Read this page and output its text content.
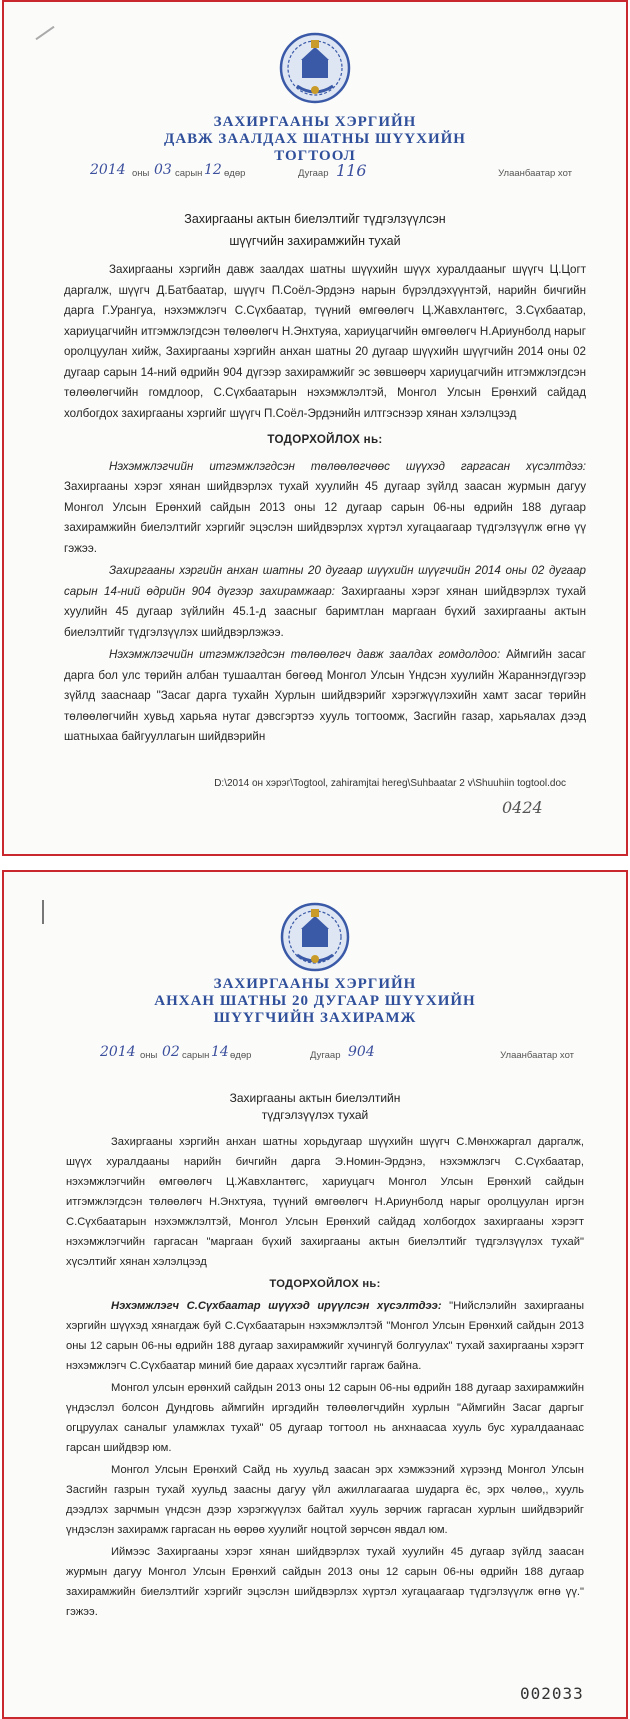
ЗАХИРГААНЫ ХЭРГИЙН
ДАВЖ ЗААЛДАХ ШАТНЫ ШҮҮХИЙН
ТОГТООЛ
2014 оны 03 сарын 12 өдөр	Дугаар 116	Улаанбаатар хот
Захиргааны актын биелэлтийг түдгэлзүүлсэн
шүүгчийн захирамжийн тухай

Захиргааны хэргийн давж заалдах шатны шүүхийн шүүх хуралдааныг шүүгч Ц.Цогт даргалж, шүүгч Д.Батбаатар, шүүгч П.Соёл-Эрдэнэ нарын бүрэлдэхүүнтэй, нарийн бичгийн дарга Г.Урангуа, нэхэмжлэгч С.Сүхбаатар, түүний өмгөөлөгч Ц.Жавхлантөгс, З.Сүхбаатар, хариуцагчийн итгэмжлэгдсэн төлөөлөгч Н.Энхтуяа, хариуцагчийн өмгөөлөгч Н.Ариунболд нарыг оролцуулан хийж, Захиргааны хэргийн анхан шатны 20 дугаар шүүхийн шүүгчийн 2014 оны 02 дугаар сарын 14-ний өдрийн 904 дүгээр захирамжийг эс зөвшөөрч хариуцагчийн итгэмжлэгдсэн төлөөлөгчийн гомдлоор, С.Сүхбаатарын нэхэмжлэлтэй, Монгол Улсын Ерөнхий сайдад холбогдох захиргааны хэргийг шүүгч П.Соёл-Эрдэнийн илтгэснээр хянан хэлэлцээд

ТОДОРХОЙЛОХ нь:

Нэхэмжлэгчийн итгэмжлэгдсэн төлөөлөгчөөс шүүхэд гаргасан хүсэлтдээ: Захиргааны хэрэг хянан шийдвэрлэх тухай хуулийн 45 дугаар зүйлд заасан журмын дагуу Монгол Улсын Ерөнхий сайдын 2013 оны 12 дугаар сарын 06-ны өдрийн 188 дугаар захирамжийн биелэлтийг хэргийг эцэслэн шийдвэрлэх хүртэл хугацаагаар түдгэлзүүлж өгнө үү гэжээ.

Захиргааны хэргийн анхан шатны 20 дугаар шүүхийн шүүгчийн 2014 оны 02 дугаар сарын 14-ний өдрийн 904 дүгээр захирамжаар: Захиргааны хэрэг хянан шийдвэрлэх тухай хуулийн 45 дугаар зүйлийн 45.1-д заасныг баримтлан маргаан бүхий захиргааны актын биелэлтийг түдгэлзүүлэх шийдвэрлэжээ.

Нэхэмжлэгчийн итгэмжлэгдсэн төлөөлөгч давж заалдах гомдолдоо: Аймгийн засаг дарга бол улс төрийн албан тушаалтан бөгөөд Монгол Улсын Үндсэн хуулийн Жараннэгдүгээр зүйлд зааснаар "Засаг дарга тухайн Хурлын шийдвэрийг хэрэгжүүлэхийн хамт засаг төрийн төлөөлөгчийн хувьд харьяа нутаг дэвсгэртээ хууль тогтоомж, Засгийн газар, харьяалах дээд шатныхаа байгууллагын шийдвэрийн

D:\2014 он хэрэг\Togtool, zahiramjtai hereg\Suhbaatar 2 v\Shuuhiin togtool.doc
0424
ЗАХИРГААНЫ ХЭРГИЙН
АНХАН ШАТНЫ 20 ДУГААР ШҮҮХИЙН
ШҮҮГЧИЙН ЗАХИРАМЖ
2014 оны 02 сарын 14 өдөр	Дугаар 904	Улаанбаатар хот
Захиргааны актын биелэлтийн
түдгэлзүүлэх тухай

Захиргааны хэргийн анхан шатны хорьдугаар шүүхийн шүүгч С.Мөнхжаргал даргалж, шүүх хуралдааны нарийн бичгийн дарга Э.Номин-Эрдэнэ, нэхэмжлэгч С.Сүхбаатар, нэхэмжлэгчийн өмгөөлөгч Ц.Жавхлантөгс, хариуцагч Монгол Улсын Ерөнхий сайдын итгэмжлэгдсэн төлөөлөгч Н.Энхтуяа, түүний өмгөөлөгч Н.Ариунболд нарыг оролцуулан иргэн С.Сүхбаатарын нэхэмжлэлтэй, Монгол Улсын Ерөнхий сайдад холбогдох захиргааны хэрэгт нэхэмжлэгчийн гаргасан "маргаан бүхий захиргааны актын биелэлтийг түдгэлзүүлэх тухай" хүсэлтийг хянан хэлэлцээд

ТОДОРХОЙЛОХ нь:

Нэхэмжлэгч С.Сүхбаатар шүүхэд ирүүлсэн хүсэлтдээ: "Нийслэлийн захиргааны хэргийн шүүхэд хянагдаж буй С.Сүхбаатарын нэхэмжлэлтэй "Монгол Улсын Ерөнхий сайдын 2013 оны 12 сарын 06-ны өдрийн 188 дугаар захирамжийг хүчингүй болгуулах" тухай захиргааны хэрэгт нэхэмжлэгч С.Сүхбаатар миний бие дараах хүсэлтийг гаргаж байна.

Монгол улсын ерөнхий сайдын 2013 оны 12 сарын 06-ны өдрийн 188 дугаар захирамжийн үндэслэл болсон Дундговь аймгийн иргэдийн төлөөлөгчдийн хурлын "Аймгийн Засаг даргыг огцруулах саналыг уламжлах тухай" 05 дугаар тогтоол нь анхнаасаа хууль бус хуралдаанаас гарсан шийдвэр юм.

Монгол Улсын Ерөнхий Сайд нь хуульд заасан эрх хэмжээний хүрээнд Монгол Улсын Засгийн газрын тухай хуульд заасны дагуу үйл ажиллагаагаа шударга ёс, эрх чөлөө,, хууль дээдлэх зарчмын үндсэн дээр хэрэгжүүлэх байтал хууль зөрчиж гаргасан хурлын шийдвэрийг үндэслэн захирамж гаргасан нь өөрөө хуулийг ноцтой зөрчсөн явдал юм.

Иймээс Захиргааны хэрэг хянан шийдвэрлэх тухай хуулийн 45 дугаар зүйлд заасан журмын дагуу Монгол Улсын Ерөнхий сайдын 2013 оны 12 сарын 06-ны өдрийн 188 дугаар захирамжийн биелэлтийг хэргийг эцэслэн шийдвэрлэх хүртэл хугацаагаар түдгэлзүүлж өгнө үү." гэжээ.

002033
